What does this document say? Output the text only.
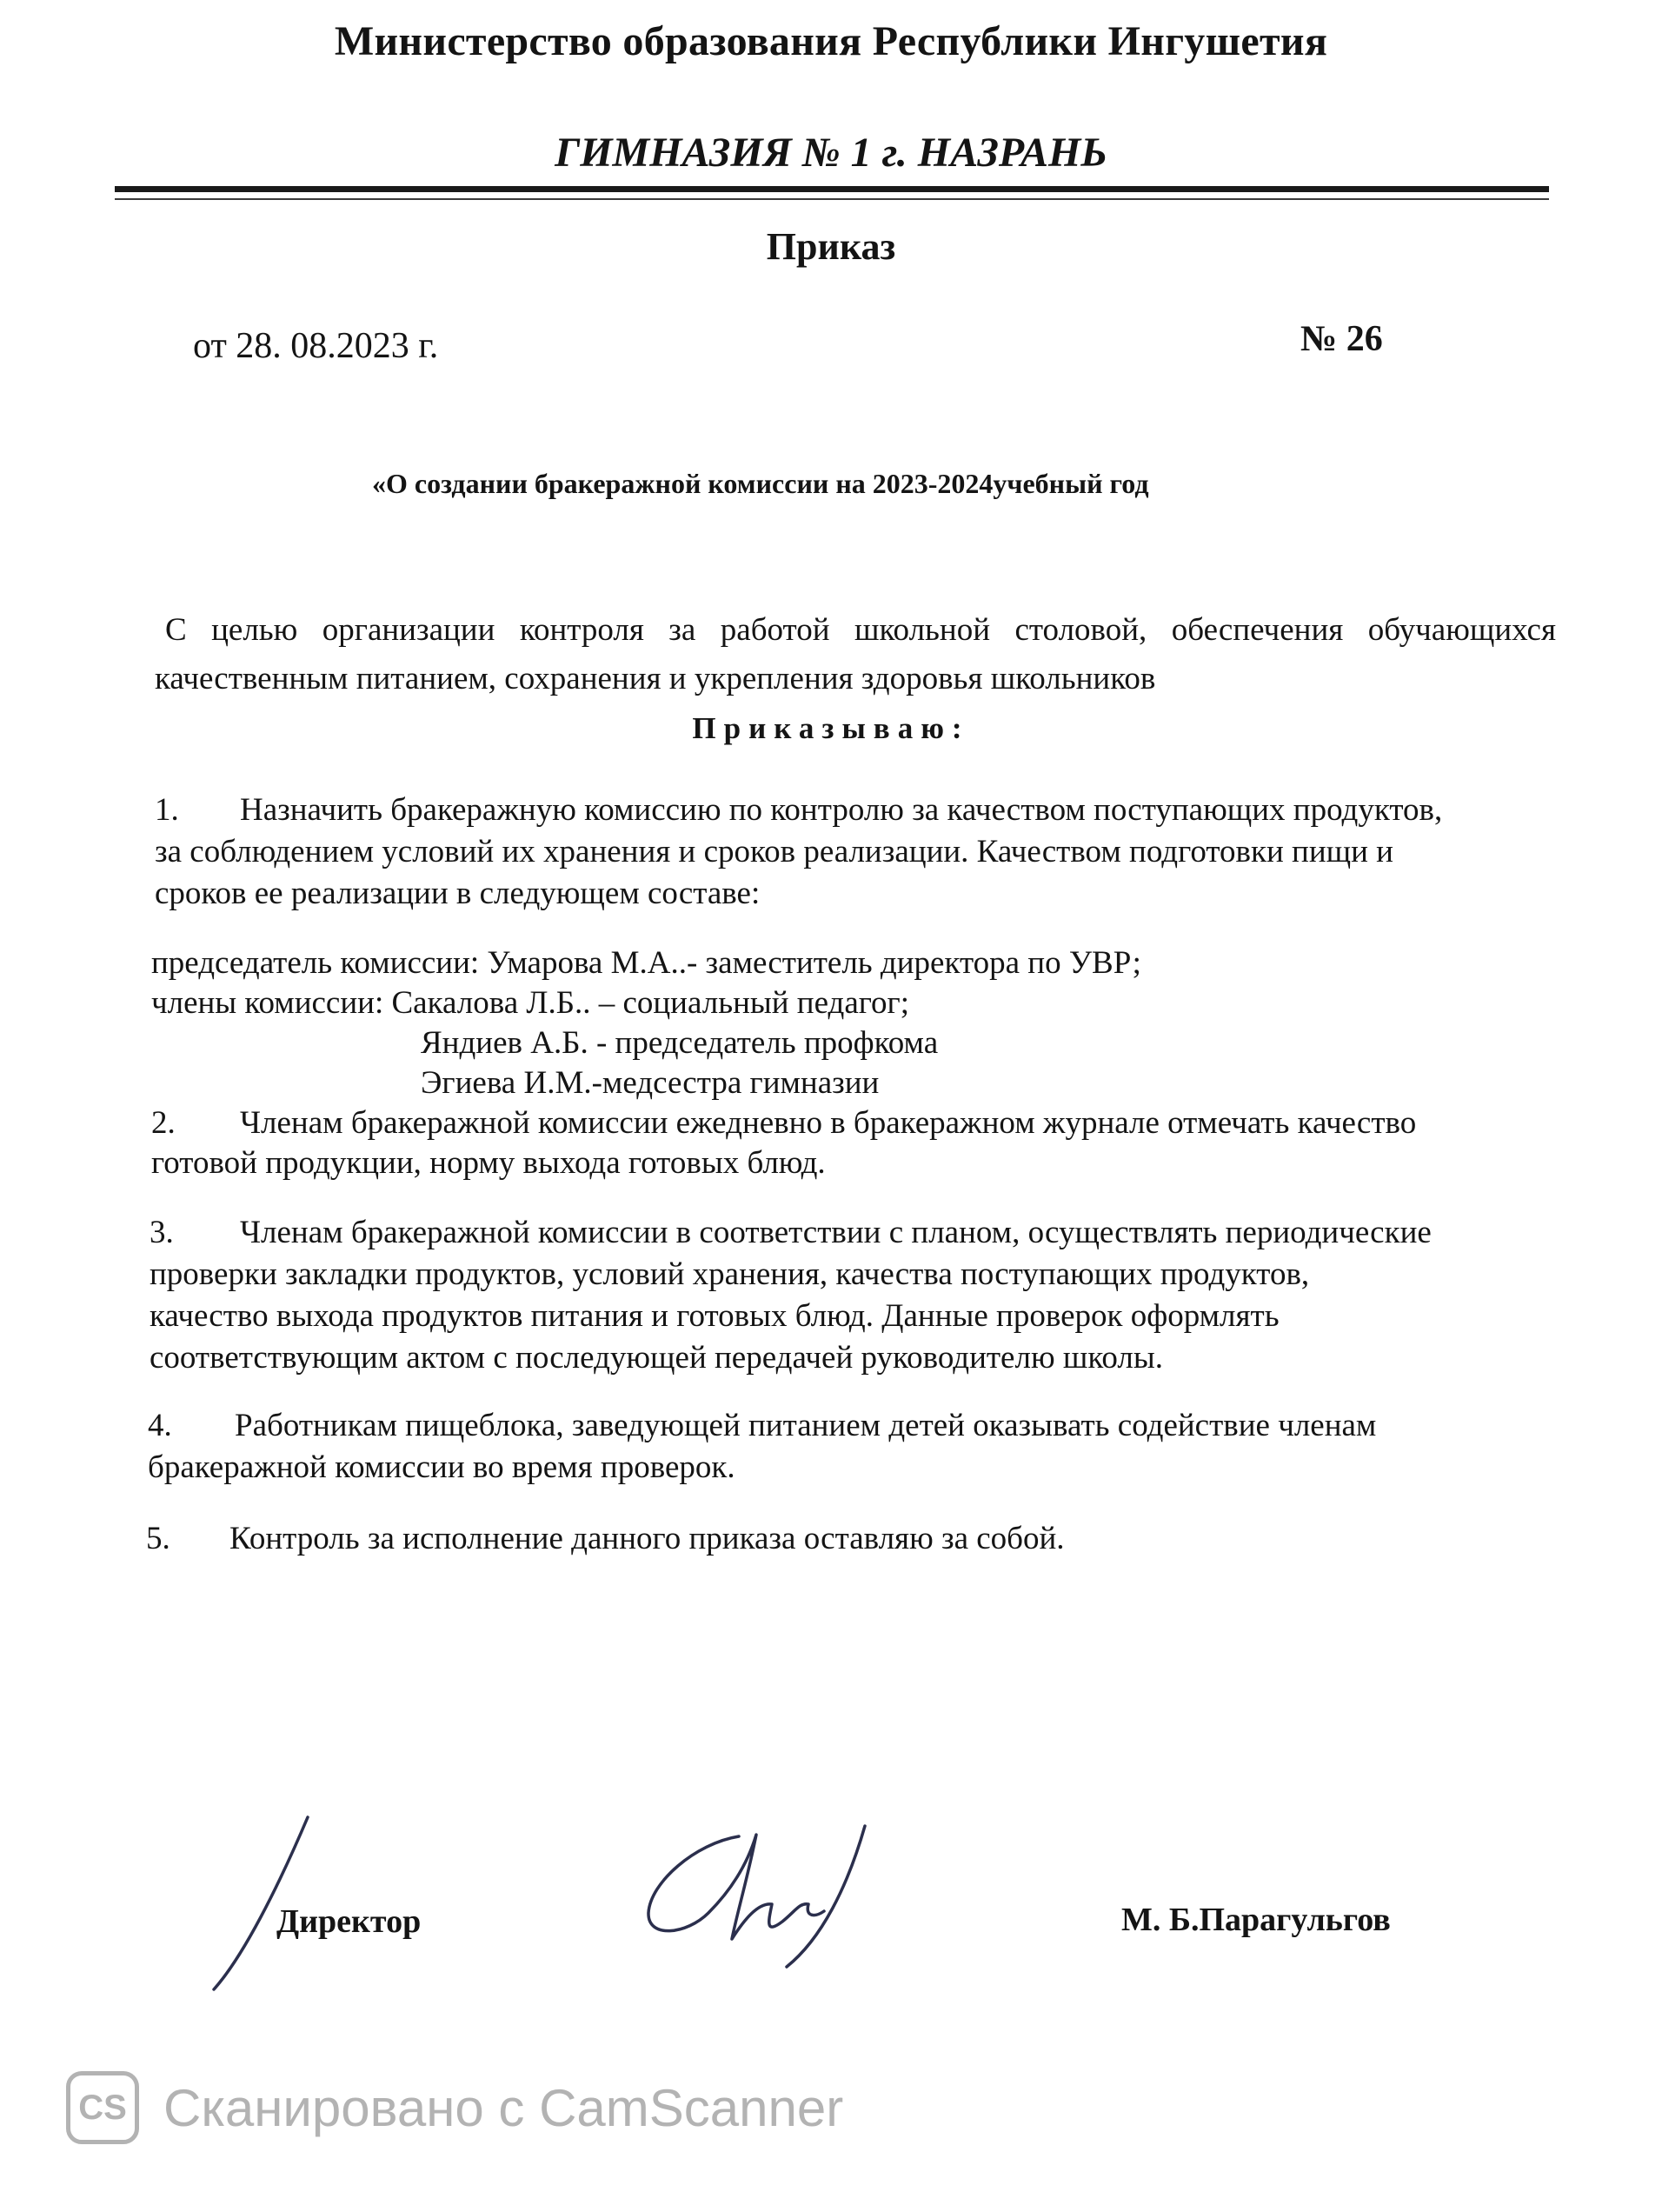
Министерство образования Республики Ингушетия
ГИМНАЗИЯ № 1 г. НАЗРАНЬ
Приказ
от 28. 08.2023 г.	№ 26
«О создании бракеражной комиссии на 2023-2024учебный год
С целью организации контроля за работой школьной столовой, обеспечения обучающихся
качественным питанием, сохранения и укрепления здоровья школьников
Приказываю:
1. Назначить бракеражную комиссию по контролю за качеством поступающих продуктов,
за соблюдением условий их хранения и сроков реализации. Качеством подготовки пищи и
сроков ее реализации в следующем составе:
председатель комиссии: Умарова М.А..- заместитель директора по УВР;
члены комиссии: Сакалова Л.Б.. – социальный педагог;
Яндиев А.Б. - председатель профкома
Эгиева И.М.-медсестра гимназии
2. Членам бракеражной комиссии ежедневно в бракеражном журнале отмечать качество
готовой продукции, норму выхода готовых блюд.
3. Членам бракеражной комиссии в соответствии с планом, осуществлять периодические
проверки закладки продуктов, условий хранения, качества поступающих продуктов,
качество выхода продуктов питания и готовых блюд. Данные проверок оформлять
соответствующим актом с последующей передачей руководителю школы.
4. Работникам пищеблока, заведующей питанием детей оказывать содействие членам
бракеражной комиссии во время проверок.
5. Контроль за исполнение данного приказа оставляю за собой.
Директор	М. Б.Парагульгов
CS Сканировано с CamScanner
